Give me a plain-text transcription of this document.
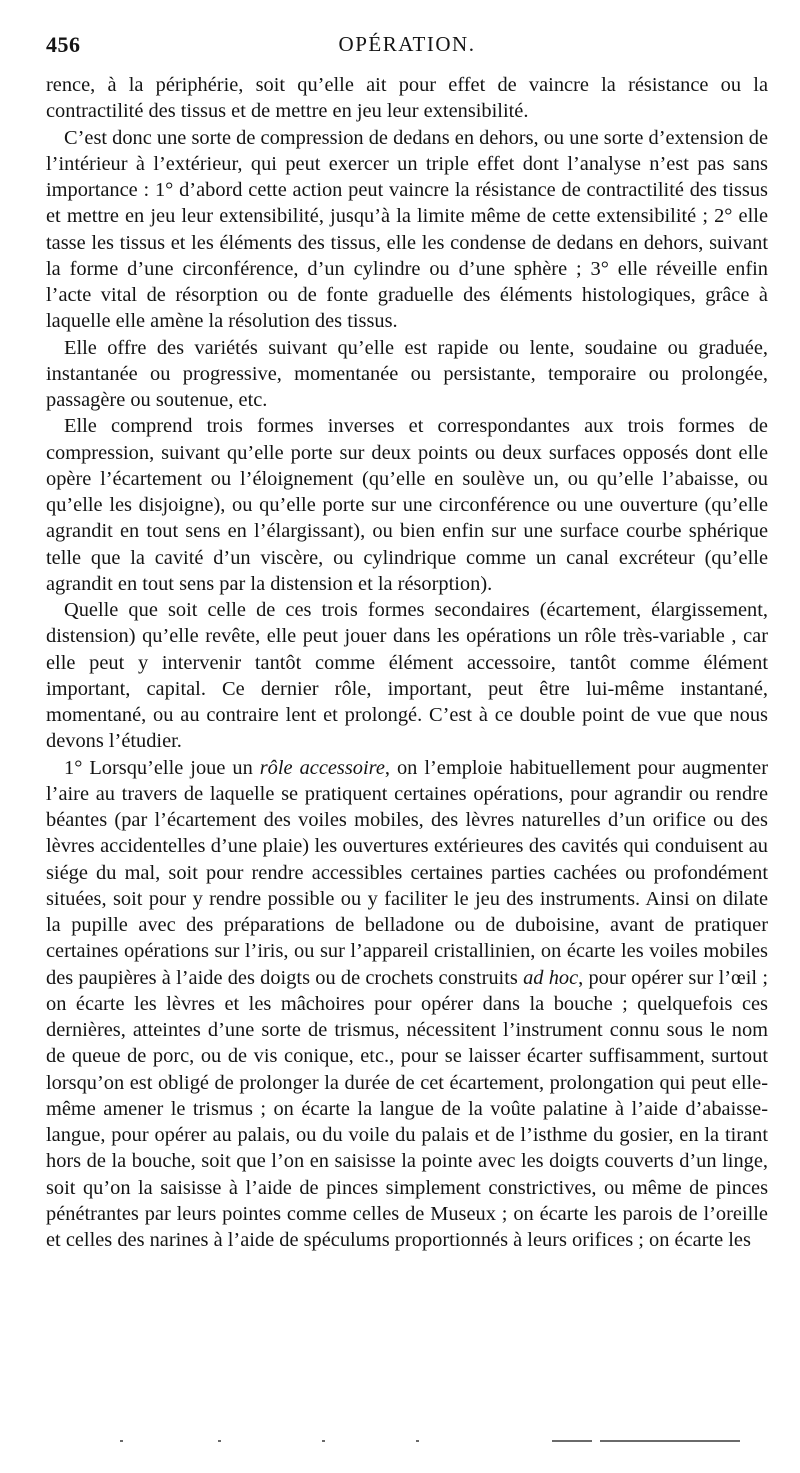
456	OPÉRATION.

rence, à la périphérie, soit qu’elle ait pour effet de vaincre la résistance ou la contractilité des tissus et de mettre en jeu leur extensibilité.

C’est donc une sorte de compression de dedans en dehors, ou une sorte d’extension de l’intérieur à l’extérieur, qui peut exercer un triple effet dont l’analyse n’est pas sans importance : 1° d’abord cette action peut vaincre la résistance de contractilité des tissus et mettre en jeu leur extensibilité, jusqu’à la limite même de cette extensibilité ; 2° elle tasse les tissus et les éléments des tissus, elle les condense de dedans en dehors, suivant la forme d’une circonférence, d’un cylindre ou d’une sphère ; 3° elle réveille enfin l’acte vital de résorption ou de fonte graduelle des éléments histologiques, grâce à laquelle elle amène la résolution des tissus.

Elle offre des variétés suivant qu’elle est rapide ou lente, soudaine ou graduée, instantanée ou progressive, momentanée ou persistante, temporaire ou prolongée, passagère ou soutenue, etc.

Elle comprend trois formes inverses et correspondantes aux trois formes de compression, suivant qu’elle porte sur deux points ou deux surfaces opposés dont elle opère l’écartement ou l’éloignement (qu’elle en soulève un, ou qu’elle l’abaisse, ou qu’elle les disjoigne), ou qu’elle porte sur une circonférence ou une ouverture (qu’elle agrandit en tout sens en l’élargissant), ou bien enfin sur une surface courbe sphérique telle que la cavité d’un viscère, ou cylindrique comme un canal excréteur (qu’elle agrandit en tout sens par la distension et la résorption).

Quelle que soit celle de ces trois formes secondaires (écartement, élargissement, distension) qu’elle revête, elle peut jouer dans les opérations un rôle très-variable , car elle peut y intervenir tantôt comme élément accessoire, tantôt comme élément important, capital. Ce dernier rôle, important, peut être lui-même instantané, momentané, ou au contraire lent et prolongé. C’est à ce double point de vue que nous devons l’étudier.

1° Lorsqu’elle joue un rôle accessoire, on l’emploie habituellement pour augmenter l’aire au travers de laquelle se pratiquent certaines opérations, pour agrandir ou rendre béantes (par l’écartement des voiles mobiles, des lèvres naturelles d’un orifice ou des lèvres accidentelles d’une plaie) les ouvertures extérieures des cavités qui conduisent au siége du mal, soit pour rendre accessibles certaines parties cachées ou profondément situées, soit pour y rendre possible ou y faciliter le jeu des instruments. Ainsi on dilate la pupille avec des préparations de belladone ou de duboisine, avant de pratiquer certaines opérations sur l’iris, ou sur l’appareil cristallinien, on écarte les voiles mobiles des paupières à l’aide des doigts ou de crochets construits ad hoc, pour opérer sur l’œil ; on écarte les lèvres et les mâchoires pour opérer dans la bouche ; quelquefois ces dernières, atteintes d’une sorte de trismus, nécessitent l’instrument connu sous le nom de queue de porc, ou de vis conique, etc., pour se laisser écarter suffisamment, surtout lorsqu’on est obligé de prolonger la durée de cet écartement, prolongation qui peut elle-même amener le trismus ; on écarte la langue de la voûte palatine à l’aide d’abaisse-langue, pour opérer au palais, ou du voile du palais et de l’isthme du gosier, en la tirant hors de la bouche, soit que l’on en saisisse la pointe avec les doigts couverts d’un linge, soit qu’on la saisisse à l’aide de pinces simplement constrictives, ou même de pinces pénétrantes par leurs pointes comme celles de Museux ; on écarte les parois de l’oreille et celles des narines à l’aide de spéculums proportionnés à leurs orifices ; on écarte les
